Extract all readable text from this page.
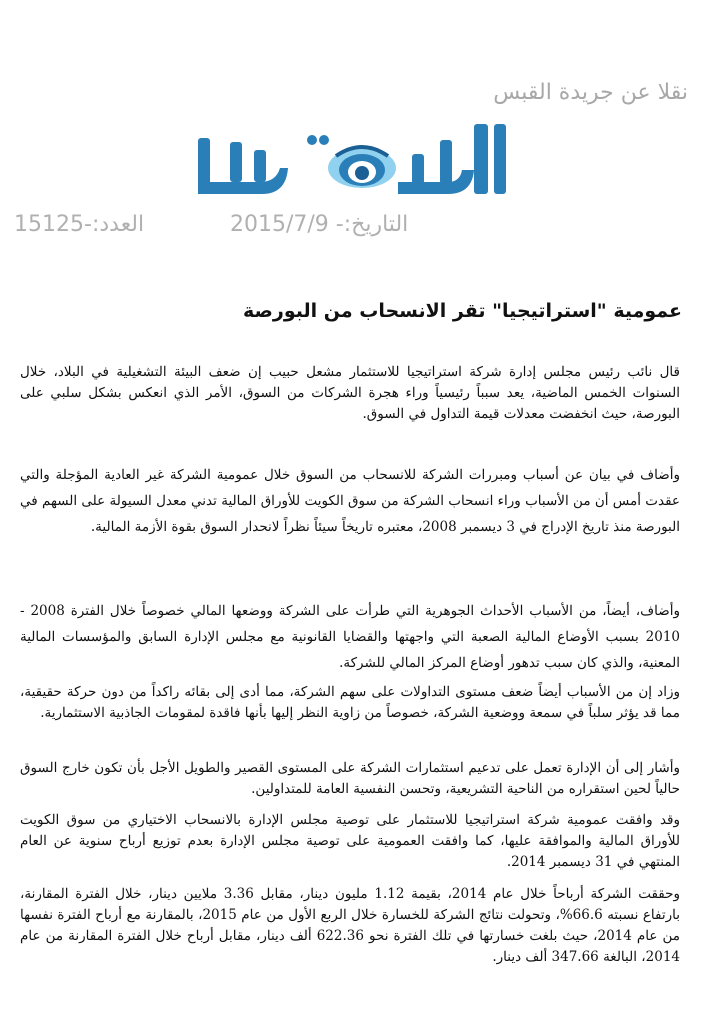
نقلا عن جريدة القبس
التاريخ:- 2015/7/9
العدد:-15125
عمومية "استراتيجيا" تقر الانسحاب من البورصة

قال نائب رئيس مجلس إدارة شركة استراتيجيا للاستثمار مشعل حبيب إن ضعف البيئة التشغيلية في البلاد، خلال السنوات الخمس الماضية، يعد سبباً رئيسياً وراء هجرة الشركات من السوق، الأمر الذي انعكس بشكل سلبي على البورصة، حيث انخفضت معدلات قيمة التداول في السوق.

وأضاف في بيان عن أسباب ومبررات الشركة للانسحاب من السوق خلال عمومية الشركة غير العادية المؤجلة والتي عقدت أمس أن من الأسباب وراء انسحاب الشركة من سوق الكويت للأوراق المالية تدني معدل السيولة على السهم في البورصة منذ تاريخ الإدراج في 3 ديسمبر 2008، معتبره تاريخاً سيئاً نظراً لانحدار السوق بقوة الأزمة المالية.

وأضاف، أيضاً، من الأسباب الأحداث الجوهرية التي طرأت على الشركة ووضعها المالي خصوصاً خلال الفترة 2008 - 2010 بسبب الأوضاع المالية الصعبة التي واجهتها والقضايا القانونية مع مجلس الإدارة السابق والمؤسسات المالية المعنية، والذي كان سبب تدهور أوضاع المركز المالي للشركة.

وزاد إن من الأسباب أيضاً ضعف مستوى التداولات على سهم الشركة، مما أدى إلى بقائه راكداً من دون حركة حقيقية، مما قد يؤثر سلباً في سمعة ووضعية الشركة، خصوصاً من زاوية النظر إليها بأنها فاقدة لمقومات الجاذبية الاستثمارية.

وأشار إلى أن الإدارة تعمل على تدعيم استثمارات الشركة على المستوى القصير والطويل الأجل بأن تكون خارج السوق حالياً لحين استقراره من الناحية التشريعية، وتحسن النفسية العامة للمتداولين.

وقد وافقت عمومية شركة استراتيجيا للاستثمار على توصية مجلس الإدارة بالانسحاب الاختياري من سوق الكويت للأوراق المالية والموافقة عليها، كما وافقت العمومية على توصية مجلس الإدارة بعدم توزيع أرباح سنوية عن العام المنتهي في 31 ديسمبر 2014.

وحققت الشركة أرباحاً خلال عام 2014، بقيمة 1.12 مليون دينار، مقابل 3.36 ملايين دينار، خلال الفترة المقارنة، بارتفاع نسبته 66.6%، وتحولت نتائج الشركة للخسارة خلال الربع الأول من عام 2015، بالمقارنة مع أرباح الفترة نفسها من عام 2014، حيث بلغت خسارتها في تلك الفترة نحو 622.36 ألف دينار، مقابل أرباح خلال الفترة المقارنة من عام 2014، البالغة 347.66 ألف دينار.
